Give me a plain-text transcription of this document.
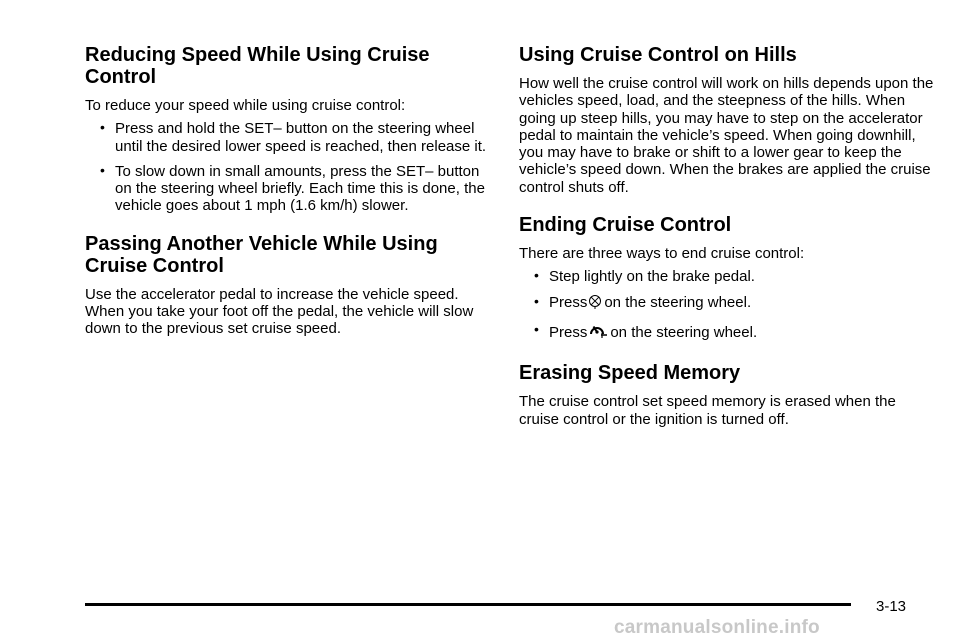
Reducing Speed While Using Cruise Control

To reduce your speed while using cruise control:

• Press and hold the SET– button on the steering wheel until the desired lower speed is reached, then release it.
• To slow down in small amounts, press the SET– button on the steering wheel briefly. Each time this is done, the vehicle goes about 1 mph (1.6 km/h) slower.
Passing Another Vehicle While Using Cruise Control

Use the accelerator pedal to increase the vehicle speed. When you take your foot off the pedal, the vehicle will slow down to the previous set cruise speed.

Using Cruise Control on Hills

How well the cruise control will work on hills depends upon the vehicles speed, load, and the steepness of the hills. When going up steep hills, you may have to step on the accelerator pedal to maintain the vehicle’s speed. When going downhill, you may have to brake or shift to a lower gear to keep the vehicle’s speed down. When the brakes are applied the cruise control shuts off.

Ending Cruise Control

There are three ways to end cruise control:

• Step lightly on the brake pedal.
• Press on the steering wheel.
• Press on the steering wheel.
Erasing Speed Memory

The cruise control set speed memory is erased when the cruise control or the ignition is turned off.

3-13
carmanualsonline.info
